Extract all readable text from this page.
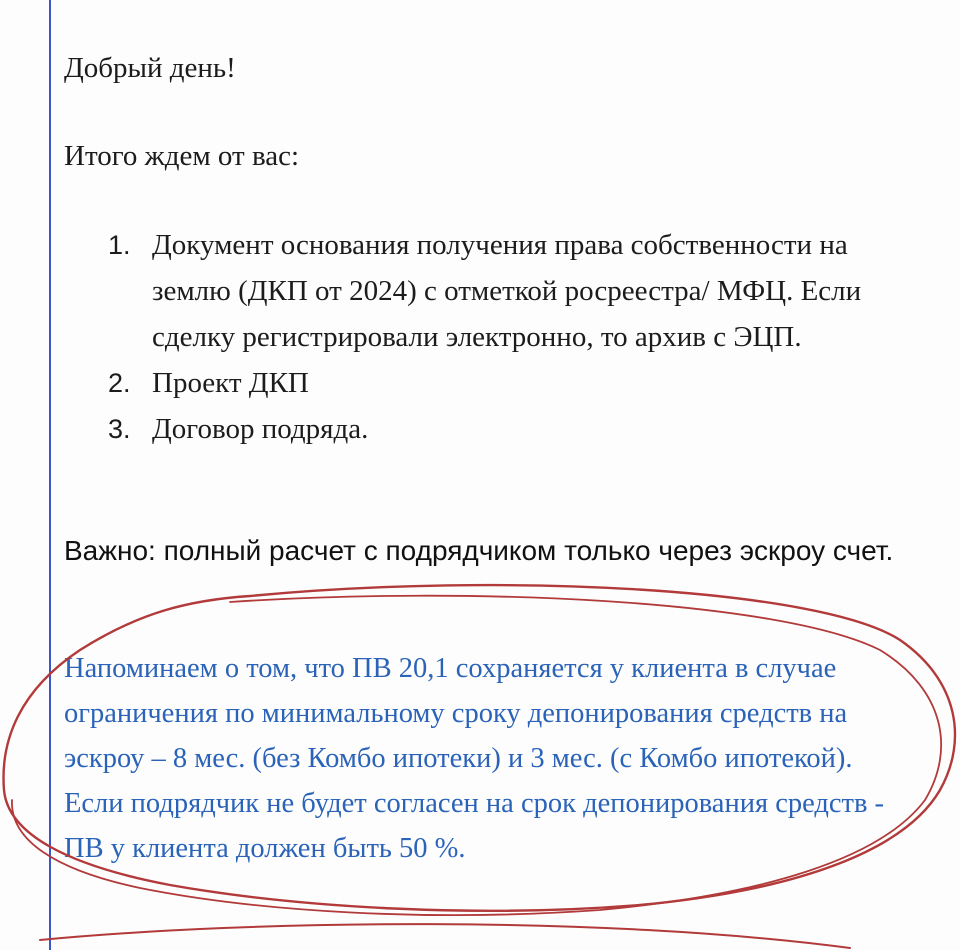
Добрый день!
Итого ждем от вас:
1. Документ основания получения права собственности на землю (ДКП от 2024) с отметкой росреестра/ МФЦ. Если сделку регистрировали электронно, то архив с ЭЦП.
2. Проект ДКП
3. Договор подряда.
Важно: полный расчет с подрядчиком только через эскроу счет.
Напоминаем о том, что ПВ 20,1 сохраняется у клиента в случае ограничения по минимальному сроку депонирования средств на эскроу – 8 мес. (без Комбо ипотеки) и 3 мес. (с Комбо ипотекой). Если подрядчик не будет согласен на срок депонирования средств - ПВ у клиента должен быть 50 %.
